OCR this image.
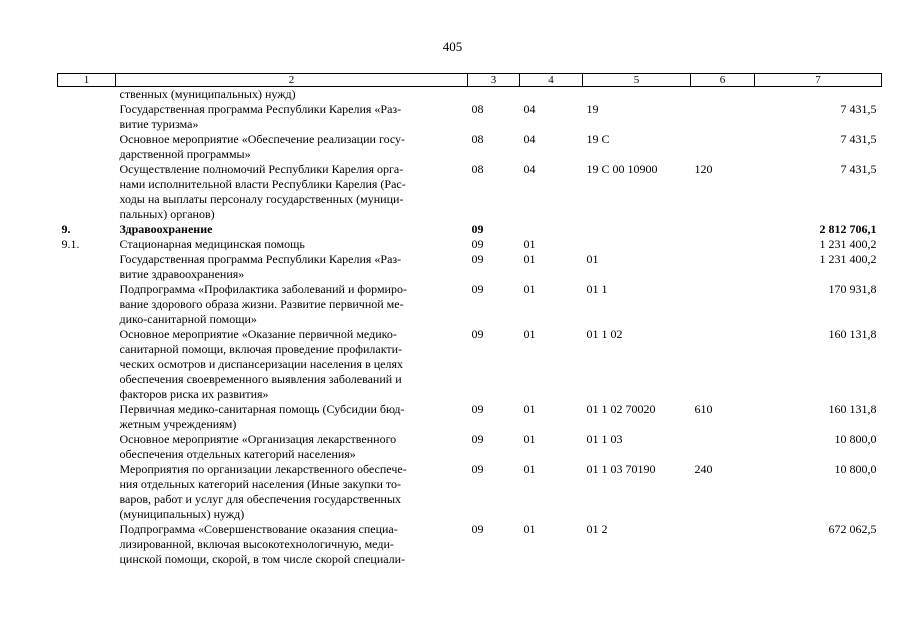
405
1	2	3	4	5	6	7
	ственных (муниципальных) нужд)					
	Государственная программа Республики Карелия «Раз-
витие туризма»	08	04	19		7 431,5
	Основное мероприятие «Обеспечение реализации госу-
дарственной программы»	08	04	19 С		7 431,5
	Осуществление полномочий Республики Карелия орга-
нами исполнительной власти Республики Карелия (Рас-
ходы на выплаты персоналу государственных (муници-
пальных) органов)	08	04	19 С 00 10900	120	7 431,5
9.	Здравоохранение	09				2 812 706,1
9.1.	Стационарная медицинская помощь	09	01			1 231 400,2
	Государственная программа Республики Карелия «Раз-
витие здравоохранения»	09	01	01		1 231 400,2
	Подпрограмма «Профилактика заболеваний и формиро-
вание здорового образа жизни. Развитие первичной ме-
дико-санитарной помощи»	09	01	01 1		170 931,8
	Основное мероприятие «Оказание первичной медико-
санитарной помощи, включая проведение профилакти-
ческих осмотров и диспансеризации населения в целях
обеспечения своевременного выявления заболеваний и
факторов риска их развития»	09	01	01 1 02		160 131,8
	Первичная медико-санитарная помощь (Субсидии бюд-
жетным учреждениям)	09	01	01 1 02 70020	610	160 131,8
	Основное мероприятие «Организация лекарственного
обеспечения отдельных категорий населения»	09	01	01 1 03		10 800,0
	Мероприятия по организации лекарственного обеспече-
ния отдельных категорий населения (Иные закупки то-
варов, работ и услуг для обеспечения государственных
(муниципальных) нужд)	09	01	01 1 03 70190	240	10 800,0
	Подпрограмма «Совершенствование оказания специа-
лизированной, включая высокотехнологичную, меди-
цинской помощи, скорой, в том числе скорой специали-	09	01	01 2		672 062,5
